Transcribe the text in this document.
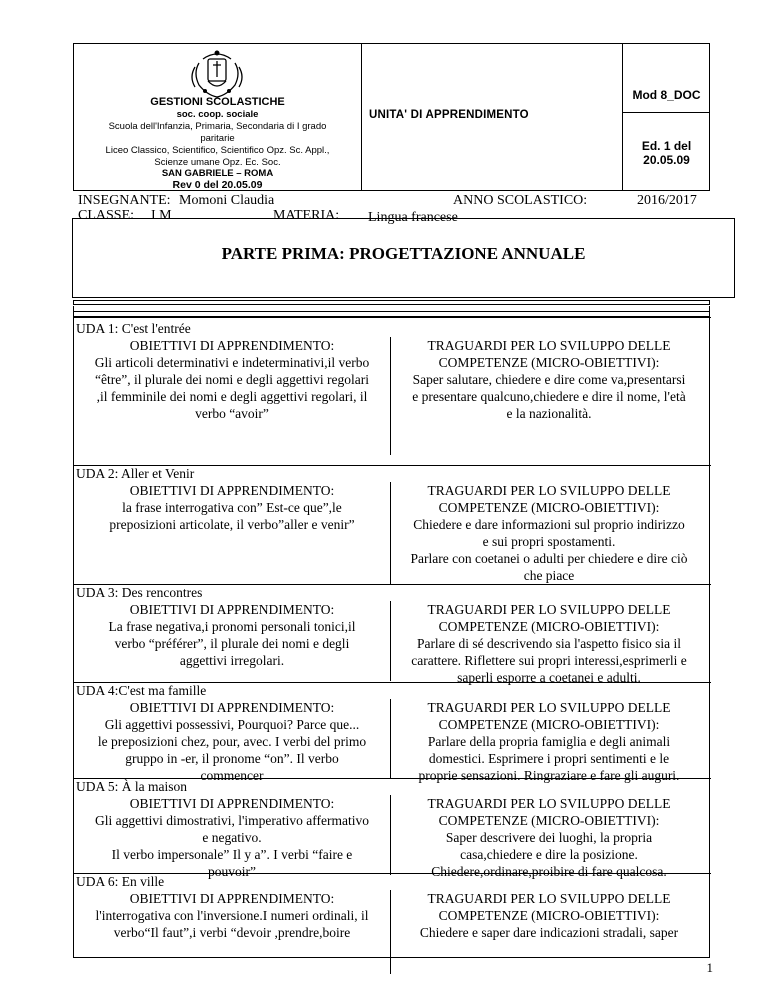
GESTIONI SCOLASTICHE
soc. coop. sociale
Scuola dell'Infanzia, Primaria, Secondaria di I grado
paritarie
Liceo Classico, Scientifico, Scientifico Opz. Sc. Appl.,
Scienze umane Opz. Ec. Soc.
SAN GABRIELE – ROMA
Rev 0 del 20.05.09
UNITA' DI APPRENDIMENTO
Mod 8_DOC
Ed. 1 del 20.05.09
INSEGNANTE: Momoni Claudia	ANNO SCOLASTICO:	2016/2017
CLASSE: I M	MATERIA: Lingua francese
PARTE PRIMA: PROGETTAZIONE ANNUALE
UDA 1: C'est l'entrée
OBIETTIVI DI APPRENDIMENTO:
Gli articoli determinativi e indeterminativi,il verbo
“être”, il plurale dei nomi e degli aggettivi regolari
,il femminile dei nomi e degli aggettivi regolari, il
verbo “avoir”
TRAGUARDI PER LO SVILUPPO DELLE
COMPETENZE (MICRO-OBIETTIVI):
Saper salutare, chiedere e dire come va,presentarsi
e presentare qualcuno,chiedere e dire il nome, l'età
e la nazionalità.
UDA 2: Aller et Venir
OBIETTIVI DI APPRENDIMENTO:
la frase interrogativa con” Est-ce que”,le
preposizioni articolate, il verbo”aller e venir”
TRAGUARDI PER LO SVILUPPO DELLE
COMPETENZE (MICRO-OBIETTIVI):
Chiedere e dare informazioni sul proprio indirizzo
e sui propri spostamenti.
Parlare con coetanei o adulti per chiedere e dire ciò
che piace
UDA 3: Des rencontres
OBIETTIVI DI APPRENDIMENTO:
La frase negativa,i pronomi personali tonici,il
verbo “préférer”, il plurale dei nomi e degli
aggettivi irregolari.
TRAGUARDI PER LO SVILUPPO DELLE
COMPETENZE (MICRO-OBIETTIVI):
Parlare di sé descrivendo sia l'aspetto fisico sia il
carattere. Riflettere sui propri interessi,esprimerli e
saperli esporre a coetanei e adulti.
UDA 4:C'est ma famille
OBIETTIVI DI APPRENDIMENTO:
Gli aggettivi possessivi, Pourquoi? Parce que...
le preposizioni chez, pour, avec. I verbi del primo
gruppo in -er, il pronome “on”. Il verbo
commencer
TRAGUARDI PER LO SVILUPPO DELLE
COMPETENZE (MICRO-OBIETTIVI):
Parlare della propria famiglia e degli animali
domestici. Esprimere i propri sentimenti e le
proprie sensazioni. Ringraziare e fare gli auguri.
UDA 5: À la maison
OBIETTIVI DI APPRENDIMENTO:
Gli aggettivi dimostrativi, l'imperativo affermativo
e negativo.
Il verbo impersonale” Il y a”. I verbi “faire e
pouvoir”
TRAGUARDI PER LO SVILUPPO DELLE
COMPETENZE (MICRO-OBIETTIVI):
Saper descrivere dei luoghi, la propria
casa,chiedere e dire la posizione.
Chiedere,ordinare,proibire di fare qualcosa.
UDA 6: En ville
OBIETTIVI DI APPRENDIMENTO:
l'interrogativa con l'inversione.I numeri ordinali, il
verbo“Il faut”,i verbi “devoir ,prendre,boire
TRAGUARDI PER LO SVILUPPO DELLE
COMPETENZE (MICRO-OBIETTIVI):
Chiedere e saper dare indicazioni stradali, saper
1
